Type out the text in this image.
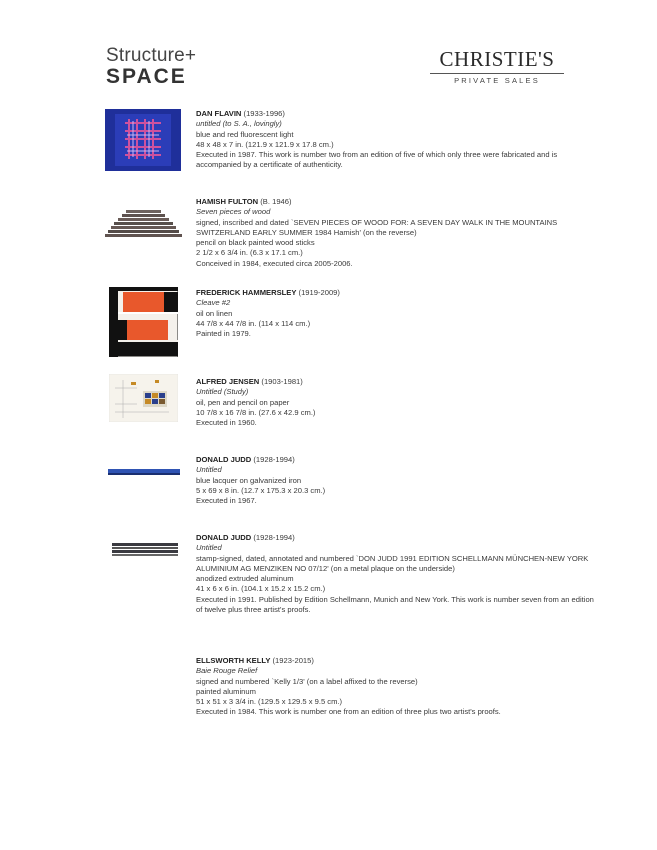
Structure+
SPACE
CHRISTIE'S
PRIVATE SALES
DAN FLAVIN (1933-1996)
untitled (to S. A., lovingly)
blue and red fluorescent light
48 x 48 x 7 in. (121.9 x 121.9 x 17.8 cm.)
Executed in 1987. This work is number two from an edition of five of which only three were fabricated and is accompanied by a certificate of authenticity.
HAMISH FULTON (B. 1946)
Seven pieces of wood
signed, inscribed and dated `SEVEN PIECES OF WOOD FOR: A SEVEN DAY WALK IN THE MOUNTAINS SWITZERLAND EARLY SUMMER 1984 Hamish' (on the reverse)
pencil on black painted wood sticks
2 1/2 x 6 3/4 in. (6.3 x 17.1 cm.)
Conceived in 1984, executed circa 2005-2006.
FREDERICK HAMMERSLEY (1919-2009)
Cleave #2
oil on linen
44 7/8 x 44 7/8 in. (114 x 114 cm.)
Painted in 1979.
ALFRED JENSEN (1903-1981)
Untitled (Study)
oil, pen and pencil on paper
10 7/8 x 16 7/8 in. (27.6 x 42.9 cm.)
Executed in 1960.
DONALD JUDD (1928-1994)
Untitled
blue lacquer on galvanized iron
5 x 69 x 8 in. (12.7 x 175.3 x 20.3 cm.)
Executed in 1967.
DONALD JUDD (1928-1994)
Untitled
stamp-signed, dated, annotated and numbered `DON JUDD 1991 EDITION SCHELLMANN MÜNCHEN-NEW YORK ALUMINIUM AG MENZIKEN NO 07/12' (on a metal plaque on the underside)
anodized extruded aluminum
41 x 6 x 6 in. (104.1 x 15.2 x 15.2 cm.)
Executed in 1991. Published by Edition Schellmann, Munich and New York. This work is number seven from an edition of twelve plus three artist's proofs.
ELLSWORTH KELLY (1923-2015)
Baie Rouge Relief
signed and numbered `Kelly 1/3' (on a label affixed to the reverse)
painted aluminum
51 x 51 x 3 3/4 in. (129.5 x 129.5 x 9.5 cm.)
Executed in 1984. This work is number one from an edition of three plus two artist's proofs.
